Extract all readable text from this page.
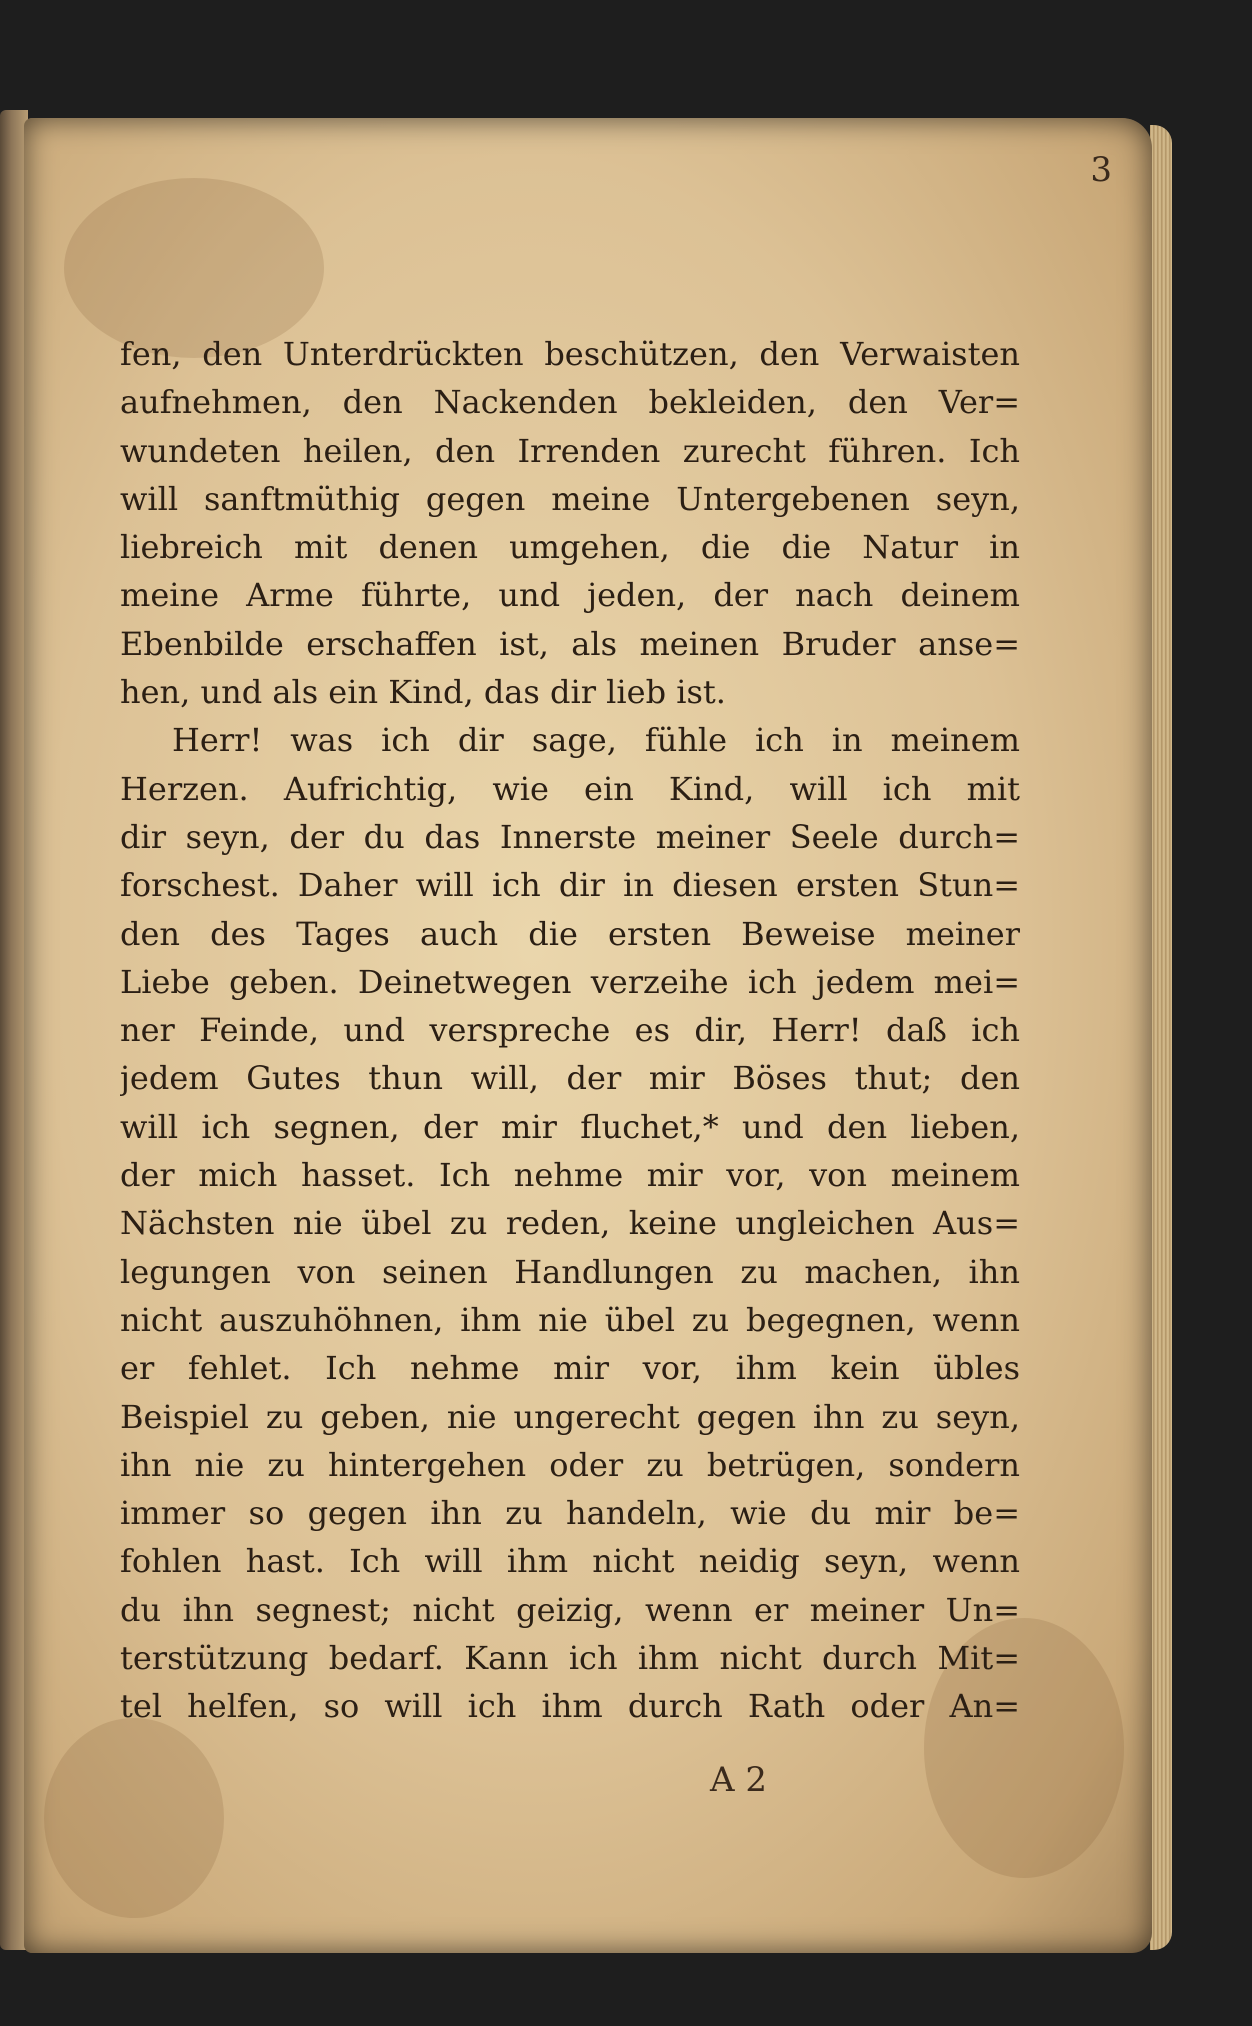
3
fen, den Unterdrückten beschützen, den Verwaisten
aufnehmen, den Nackenden bekleiden, den Ver=
wundeten heilen, den Irrenden zurecht führen. Ich
will sanftmüthig gegen meine Untergebenen seyn,
liebreich mit denen umgehen, die die Natur in
meine Arme führte, und jeden, der nach deinem
Ebenbilde erschaffen ist, als meinen Bruder anse=
hen, und als ein Kind, das dir lieb ist.
Herr! was ich dir sage, fühle ich in meinem
Herzen. Aufrichtig, wie ein Kind, will ich mit
dir seyn, der du das Innerste meiner Seele durch=
forschest. Daher will ich dir in diesen ersten Stun=
den des Tages auch die ersten Beweise meiner
Liebe geben. Deinetwegen verzeihe ich jedem mei=
ner Feinde, und verspreche es dir, Herr! daß ich
jedem Gutes thun will, der mir Böses thut; den
will ich segnen, der mir fluchet,* und den lieben,
der mich hasset. Ich nehme mir vor, von meinem
Nächsten nie übel zu reden, keine ungleichen Aus=
legungen von seinen Handlungen zu machen, ihn
nicht auszuhöhnen, ihm nie übel zu begegnen, wenn
er fehlet. Ich nehme mir vor, ihm kein übles
Beispiel zu geben, nie ungerecht gegen ihn zu seyn,
ihn nie zu hintergehen oder zu betrügen, sondern
immer so gegen ihn zu handeln, wie du mir be=
fohlen hast. Ich will ihm nicht neidig seyn, wenn
du ihn segnest; nicht geizig, wenn er meiner Un=
terstützung bedarf. Kann ich ihm nicht durch Mit=
tel helfen, so will ich ihm durch Rath oder An=
A 2
